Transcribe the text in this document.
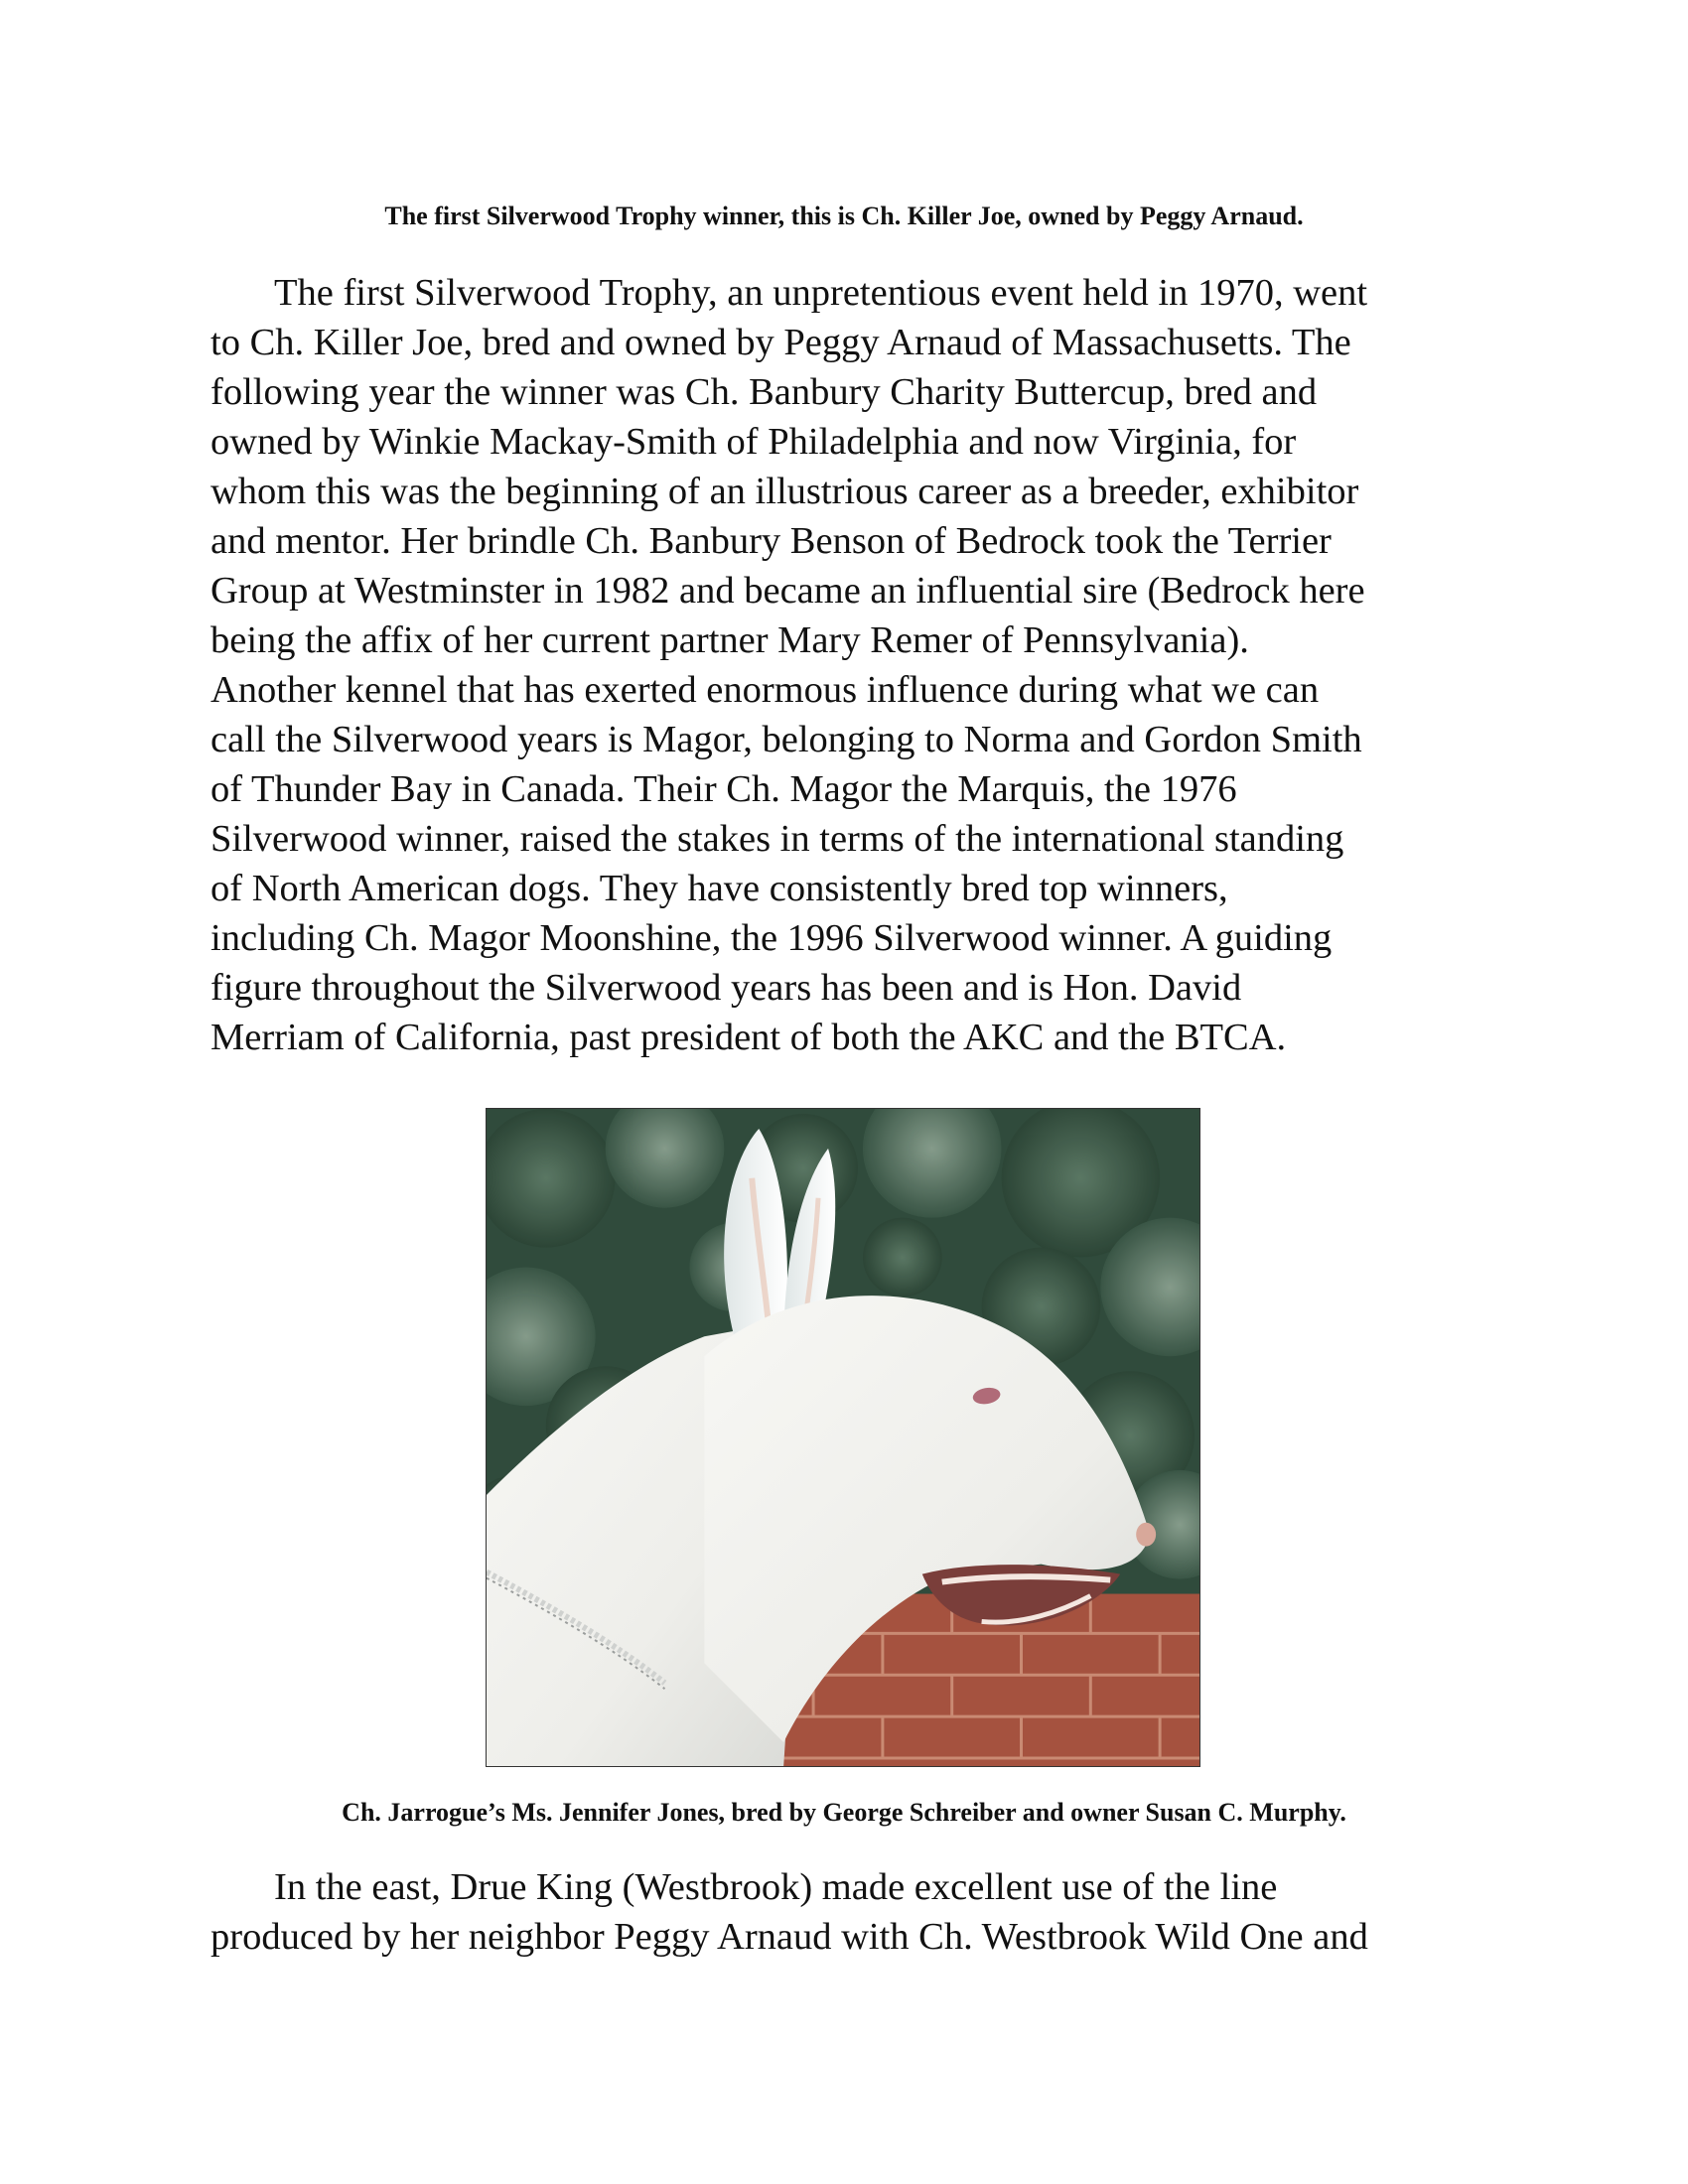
The first Silverwood Trophy winner, this is Ch. Killer Joe, owned by Peggy Arnaud.
The first Silverwood Trophy, an unpretentious event held in 1970, went
to Ch. Killer Joe, bred and owned by Peggy Arnaud of Massachusetts. The
following year the winner was Ch. Banbury Charity Buttercup, bred and
owned by Winkie Mackay-Smith of Philadelphia and now Virginia, for
whom this was the beginning of an illustrious career as a breeder, exhibitor
and mentor. Her brindle Ch. Banbury Benson of Bedrock took the Terrier
Group at Westminster in 1982 and became an influential sire (Bedrock here
being the affix of her current partner Mary Remer of Pennsylvania).
Another kennel that has exerted enormous influence during what we can
call the Silverwood years is Magor, belonging to Norma and Gordon Smith
of Thunder Bay in Canada. Their Ch. Magor the Marquis, the 1976
Silverwood winner, raised the stakes in terms of the international standing
of North American dogs. They have consistently bred top winners,
including Ch. Magor Moonshine, the 1996 Silverwood winner. A guiding
figure throughout the Silverwood years has been and is Hon. David
Merriam of California, past president of both the AKC and the BTCA.
Ch. Jarrogue’s Ms. Jennifer Jones, bred by George Schreiber and owner Susan C. Murphy.
In the east, Drue King (Westbrook) made excellent use of the line
produced by her neighbor Peggy Arnaud with Ch. Westbrook Wild One and
